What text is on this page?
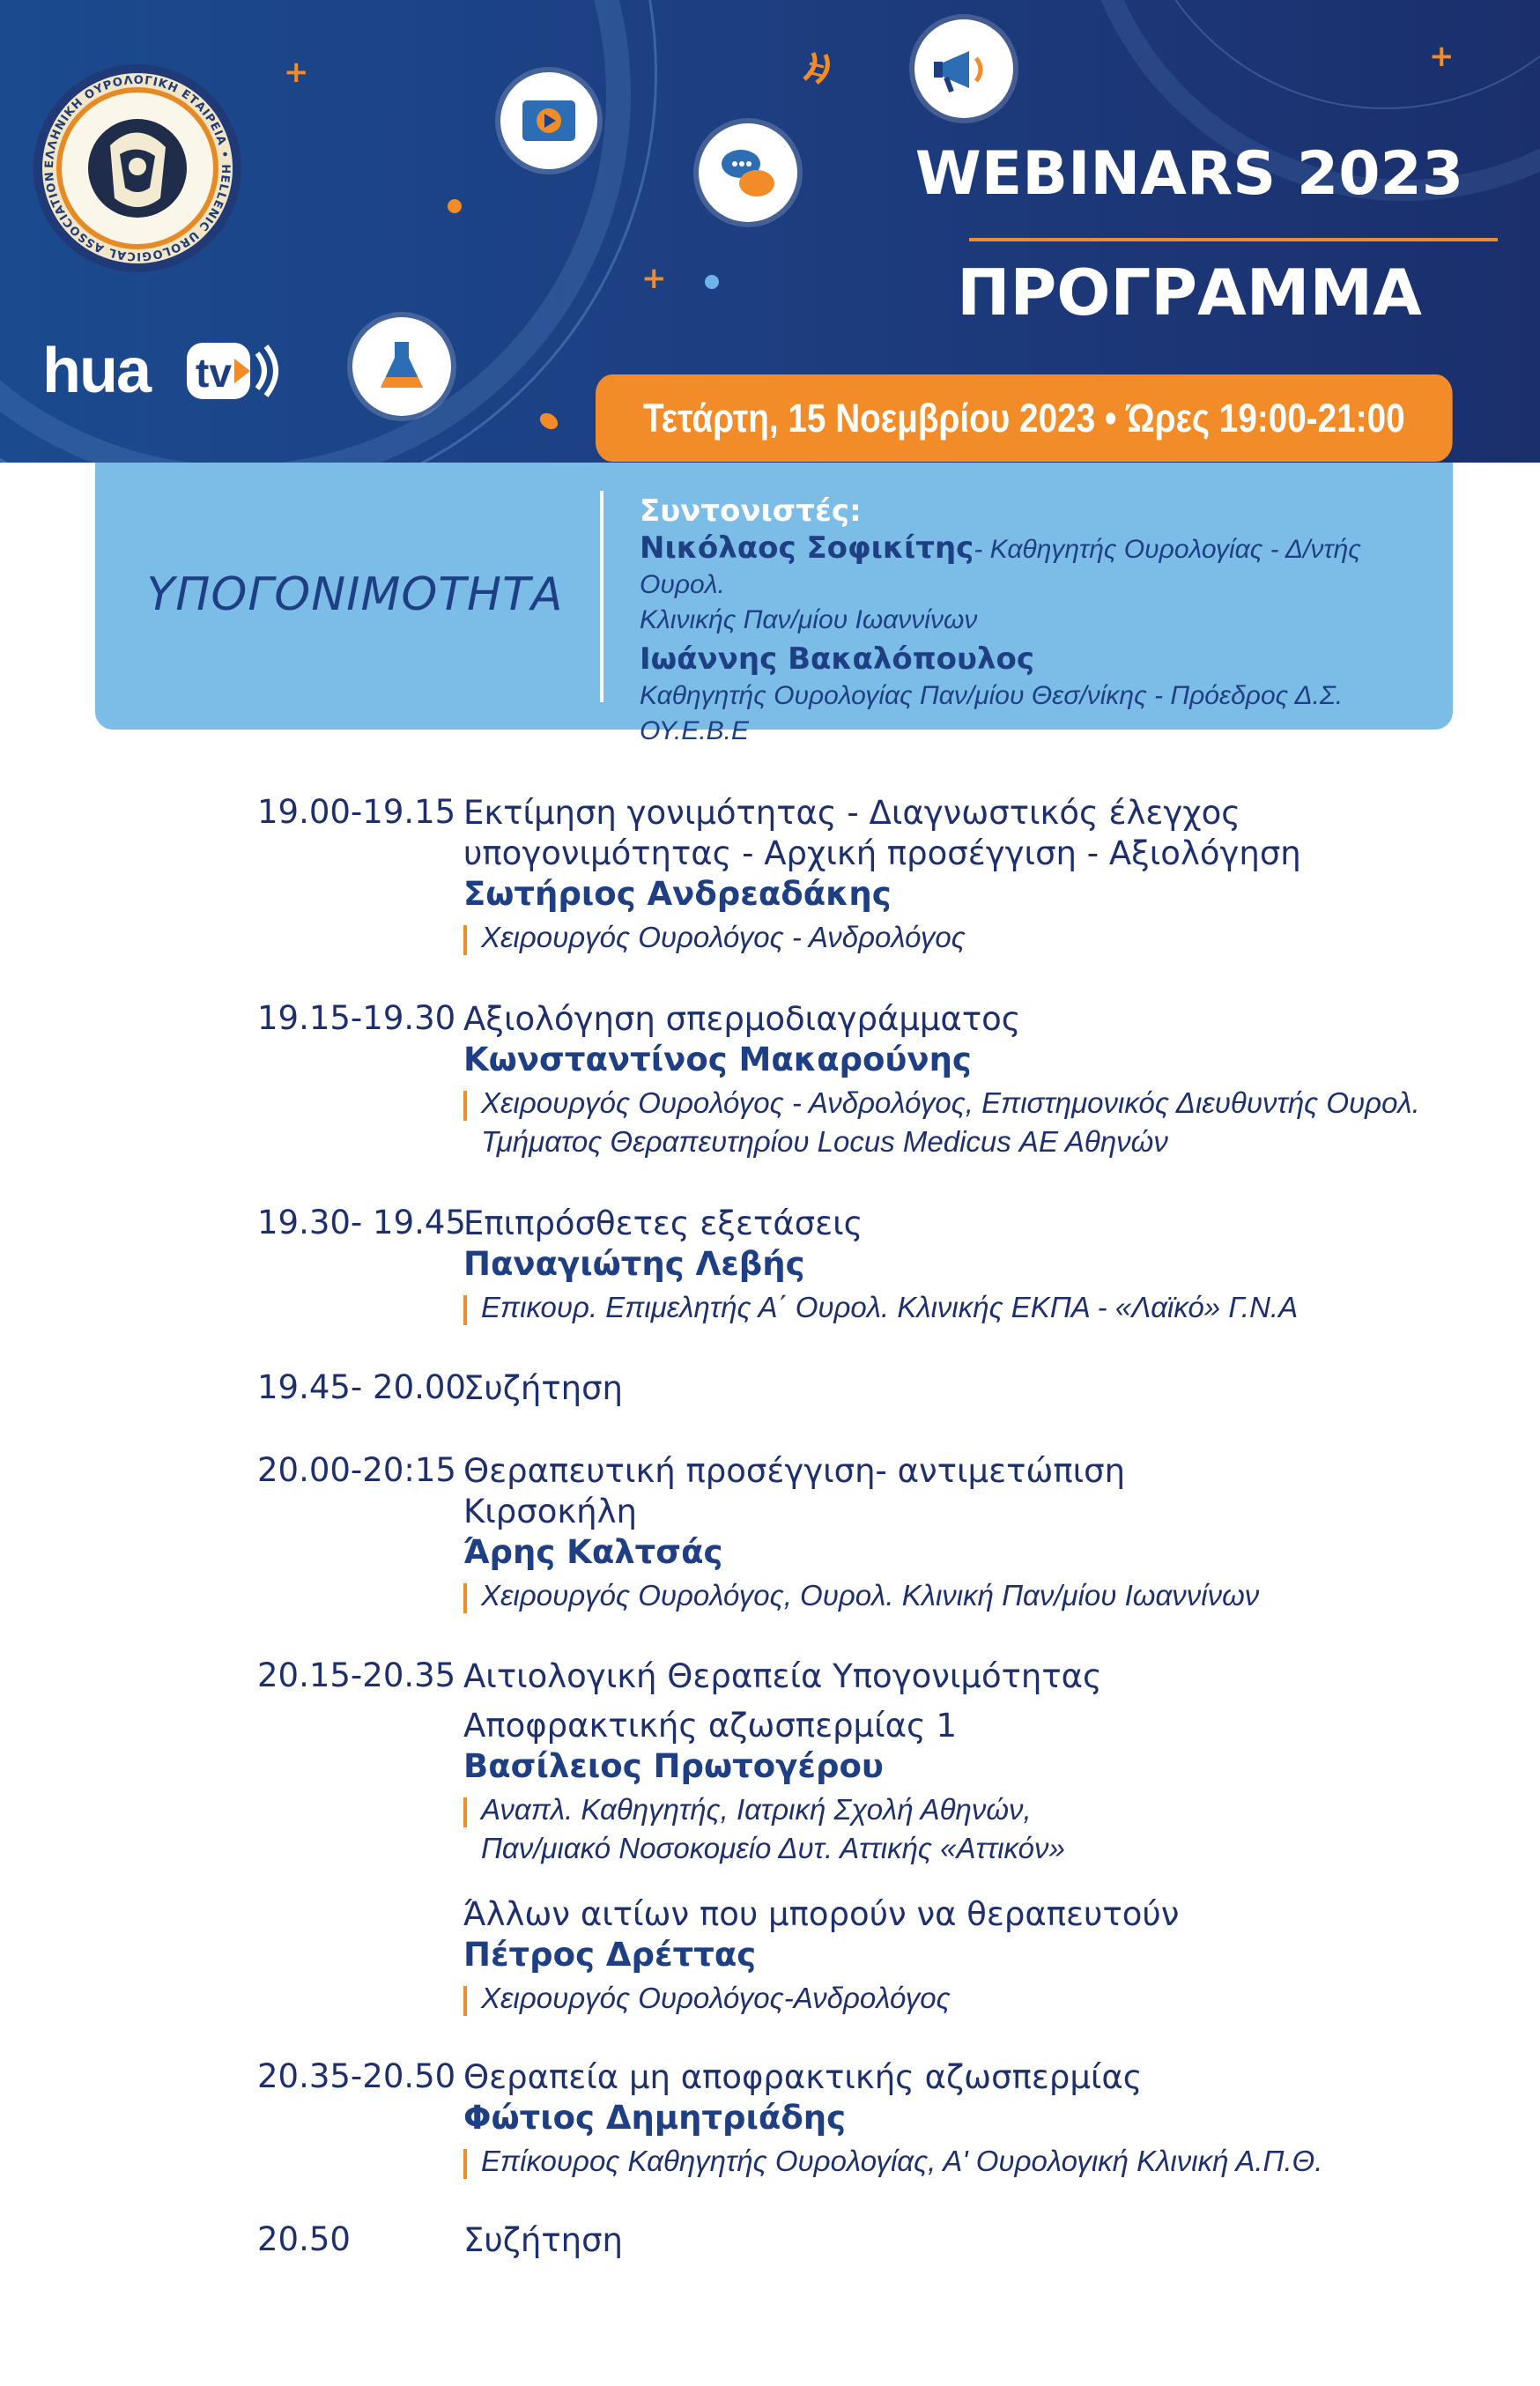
ΕΛΛΗΝΙΚΗ ΟΥΡΟΛΟΓΙΚΗ ΕΤΑΙΡΕΙΑ • HELLENIC UROLOGICAL ASSOCIATION
hua tv
+
+
+
WEBINARS 2023
ΠΡΟΓΡΑΜΜΑ
Τετάρτη, 15 Νοεμβρίου 2023 • Ώρες 19:00-21:00
ΥΠΟΓΟΝΙΜΟΤΗΤΑ
Συντονιστές:
Νικόλαος Σοφικίτης- Καθηγητής Ουρολογίας - Δ/ντής Ουρολ.
Κλινικής Παν/μίου Ιωαννίνων
Ιωάννης Βακαλόπουλος
Καθηγητής Ουρολογίας Παν/μίου Θεσ/νίκης - Πρόεδρος Δ.Σ. ΟΥ.Ε.Β.Ε
19.00-19.15 Εκτίμηση γονιμότητας - Διαγνωστικός έλεγχος
υπογονιμότητας - Αρχική προσέγγιση - Αξιολόγηση
Σωτήριος Ανδρεαδάκης
Χειρουργός Ουρολόγος - Ανδρολόγος
19.15-19.30 Αξιολόγηση σπερμοδιαγράμματος
Κωνσταντίνος Μακαρούνης
Χειρουργός Ουρολόγος - Ανδρολόγος, Επιστημονικός Διευθυντής Ουρολ.
Τμήματος Θεραπευτηρίου Locus Medicus ΑΕ Αθηνών
19.30- 19.45
Επιπρόσθετες εξετάσεις
Παναγιώτης Λεβής
Επικουρ. Επιμελητής Α΄ Ουρολ. Κλινικής ΕΚΠΑ - «Λαϊκό» Γ.Ν.Α
19.45- 20.00
Συζήτηση
20.00-20:15 Θεραπευτική προσέγγιση- αντιμετώπιση
Κιρσοκήλη
Άρης Καλτσάς
Χειρουργός Ουρολόγος, Ουρολ. Κλινική Παν/μίου Ιωαννίνων
20.15-20.35 Αιτιολογική Θεραπεία Υπογονιμότητας
Αποφρακτικής αζωσπερμίας 1
Βασίλειος Πρωτογέρου
Αναπλ. Καθηγητής, Ιατρική Σχολή Αθηνών,
Παν/μιακό Νοσοκομείο Δυτ. Αττικής «Αττικόν»
Άλλων αιτίων που μπορούν να θεραπευτούν
Πέτρος Δρέττας
Χειρουργός Ουρολόγος-Ανδρολόγος
20.35-20.50 Θεραπεία μη αποφρακτικής αζωσπερμίας
Φώτιος Δημητριάδης
Επίκουρος Καθηγητής Ουρολογίας, Α' Ουρολογική Κλινική Α.Π.Θ.
20.50	Συζήτηση
